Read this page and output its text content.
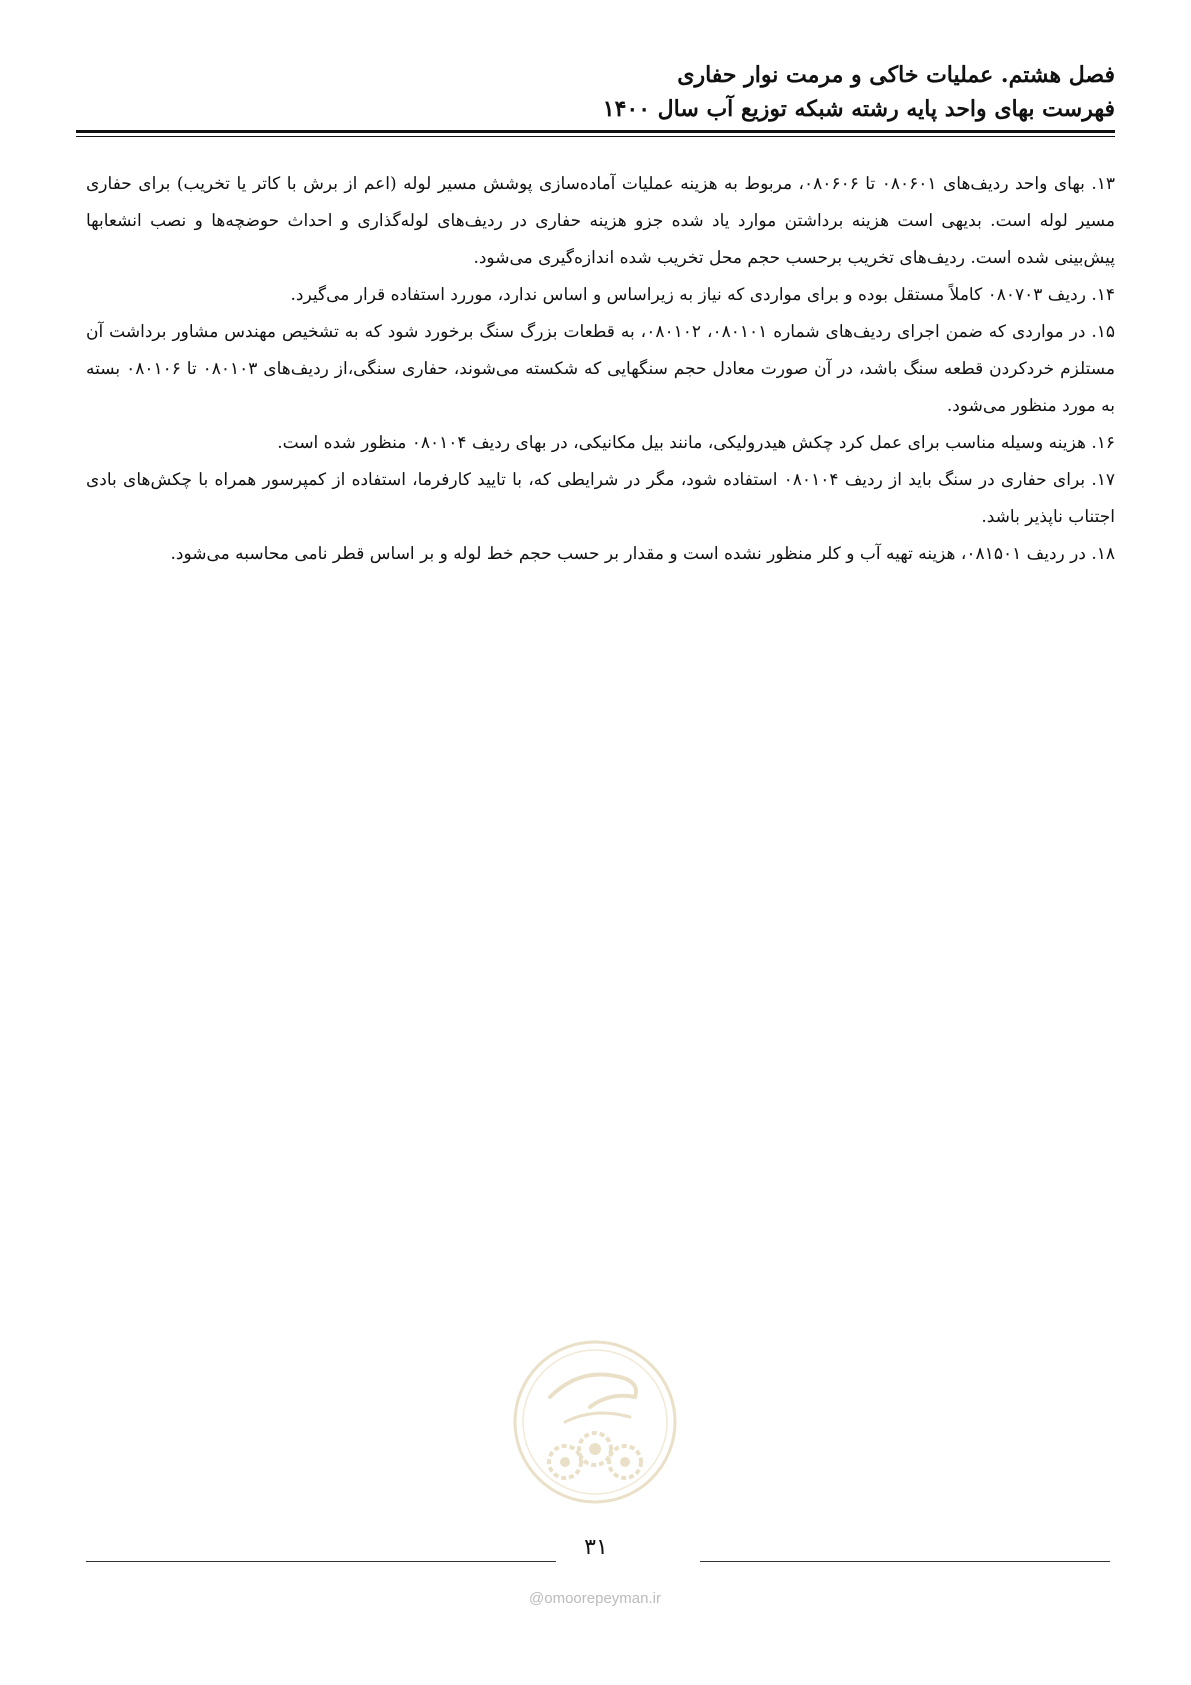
فصل هشتم. عملیات خاکی و مرمت نوار حفاری
فهرست بهای واحد پایه رشته شبکه توزیع آب سال ۱۴۰۰

۱۳. بهای واحد ردیف‌های ۰۸۰۶۰۱ تا ۰۸۰۶۰۶، مربوط به هزینه عملیات آماده‌سازی پوشش مسیر لوله (اعم از برش با کاتر یا تخریب) برای حفاری مسیر لوله است. بدیهی است هزینه برداشتن موارد یاد شده جزو هزینه حفاری در ردیف‌های لوله‌گذاری و احداث حوضچه‌ها و نصب انشعابها پیش‌بینی شده است. ردیف‌های تخریب برحسب حجم محل تخریب شده اندازه‌گیری می‌شود.

۱۴. ردیف ۰۸۰۷۰۳ کاملاً مستقل بوده و برای مواردی که نیاز به زیراساس و اساس ندارد، موررد استفاده قرار می‌گیرد.

۱۵. در مواردی که ضمن اجرای ردیف‌های شماره ۰۸۰۱۰۱، ۰۸۰۱۰۲، به قطعات بزرگ سنگ برخورد شود که به تشخیص مهندس مشاور برداشت آن مستلزم خردکردن قطعه سنگ باشد، در آن صورت معادل حجم سنگهایی که شکسته می‌شوند، حفاری سنگی،از ردیف‌های ۰۸۰۱۰۳ تا ۰۸۰۱۰۶ بسته به مورد منظور می‌شود.

۱۶. هزینه وسیله مناسب برای عمل کرد چکش هیدرولیکی، مانند بیل مکانیکی، در بهای ردیف ۰۸۰۱۰۴ منظور شده است.

۱۷. برای حفاری در سنگ باید از ردیف ۰۸۰۱۰۴ استفاده شود، مگر در شرایطی که، با تایید کارفرما، استفاده از کمپرسور همراه با چکش‌های بادی اجتناب ناپذیر باشد.

۱۸. در ردیف ۰۸۱۵۰۱، هزینه تهیه آب و کلر منظور نشده است و مقدار بر حسب حجم خط لوله و بر اساس قطر نامی محاسبه می‌شود.

۳۱
@omoorepeyman.ir
